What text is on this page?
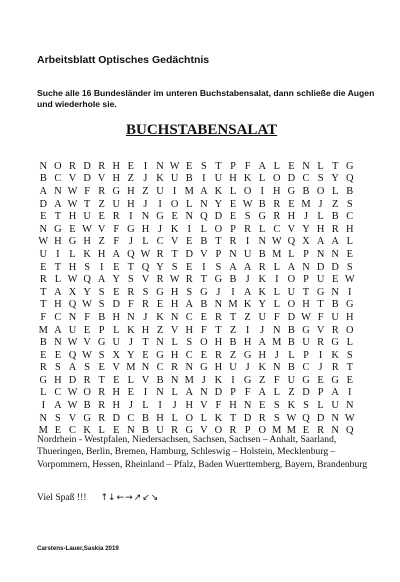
Arbeitsblatt Optisches Gedächtnis
Suche alle 16 Bundesländer im unteren Buchstabensalat, dann schließe die Augen und wiederhole sie.
BUCHSTABENSALAT
N O R D R H E I N W E S T P F A L E N L T G
B C V D V H Z J K U B I U H K L O D C S Y Q
A N W F R G H Z U I M A K L O I H G B O L B
D A W T Z U H J	I O L N Y E W B R E M J Z S
E T H U E R I N G E N Q D E S G R H J L B C
N G E W V F G H J K I L O P R L C V Y H R H
W H G H Z F J L C V E B T R I N W Q X A A L
U I L K H A Q W R T D V P N U B M L P N N E
E T H S I E T Q Y S E I S A A R L A N D D S
R L W Q A Y S V R W R T G B J K I O P U E W
T A X Y S E R S G H S G J	I A K L U T G N I
T H Q W S D F R E H A B N M K Y L O H T B G
F C N F B H N J K N C E R T Z U F D W F U H
M A U E P L K H Z V H F T Z I	J N B G V R O
B N W V G U J T N L S O H B H A M B U R G L
E E Q W S X Y E G H C E R Z G H J L P I K S
R S A S E V M N C R N G H U J K N B C J R T
G H D R T E L V B N M J K I G Z F U G E G E
L C W O R H E I N L A N D P F A L Z D P A I
I A W B R H J L I	J H V F H N E S K S L U N
N S V G R D C B H L O L K T D R S W Q D N W
M E C K L E N B U R G V O R P O M M E R N Q
Nordrhein - Westpfalen, Niedersachsen, Sachsen, Sachsen – Anhalt, Saarland, Thueringen, Berlin, Bremen, Hamburg, Schleswig – Holstein, Mecklenburg – Vorpommern, Hessen, Rheinland – Pfalz, Baden Wuerttemberg, Bayern, Brandenburg
Viel Spaß !!! ↑↓ ← → ↗ ↙ ↘
Carstens-Lauer,Saskia 2019
